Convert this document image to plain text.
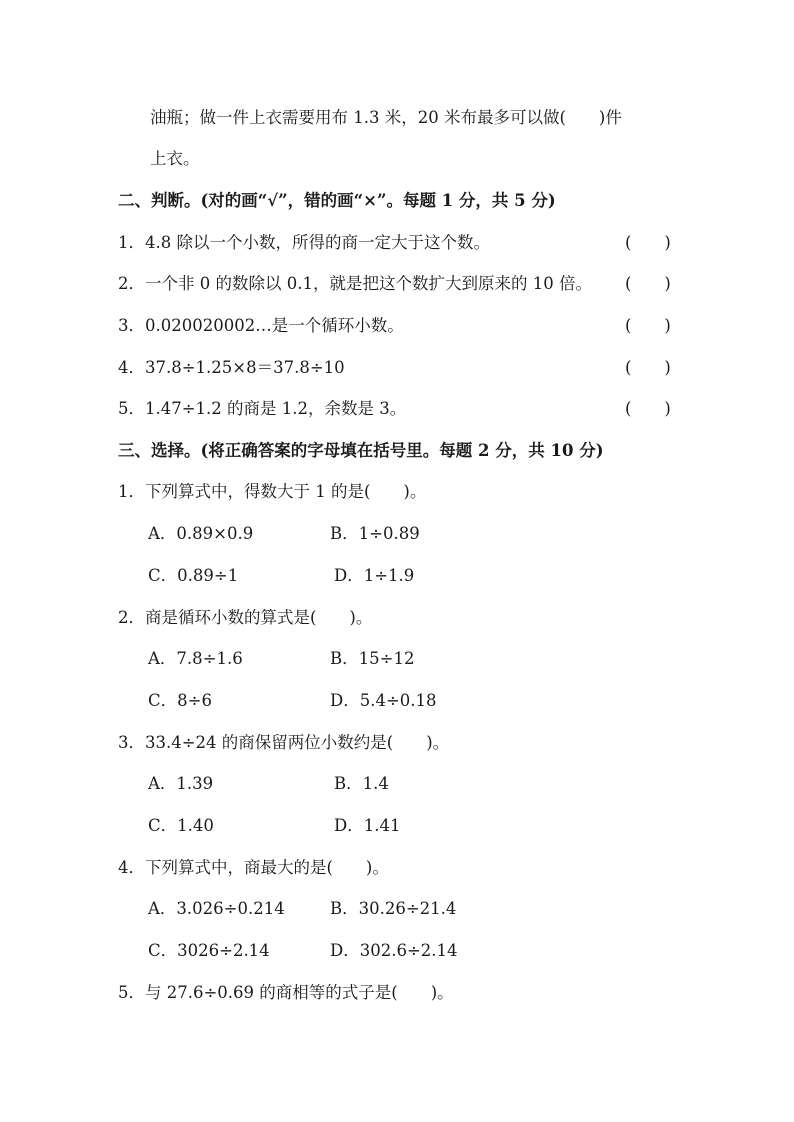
油瓶；做一件上衣需要用布 1.3 米，20 米布最多可以做(　　)件
上衣。
二、判断。(对的画“√”，错的画“×”。每题 1 分，共 5 分)
1．4.8 除以一个小数，所得的商一定大于这个数。	(　　)
2．一个非 0 的数除以 0.1，就是把这个数扩大到原来的 10 倍。 (　　)
3．0.020020002…是一个循环小数。	(　　)
4．37.8÷1.25×8＝37.8÷10	(　　)
5．1.47÷1.2 的商是 1.2，余数是 3。	(　　)
三、选择。(将正确答案的字母填在括号里。每题 2 分，共 10 分)
1．下列算式中，得数大于 1 的是(　　)。
A．0.89×0.9	B．1÷0.89
C．0.89÷1	D．1÷1.9
2．商是循环小数的算式是(　　)。
A．7.8÷1.6	B．15÷12
C．8÷6	D．5.4÷0.18
3．33.4÷24 的商保留两位小数约是(　　)。
A．1.39	B．1.4
C．1.40	D．1.41
4．下列算式中，商最大的是(　　)。
A．3.026÷0.214	B．30.26÷21.4
C．3026÷2.14	D．302.6÷2.14
5．与 27.6÷0.69 的商相等的式子是(　　)。
